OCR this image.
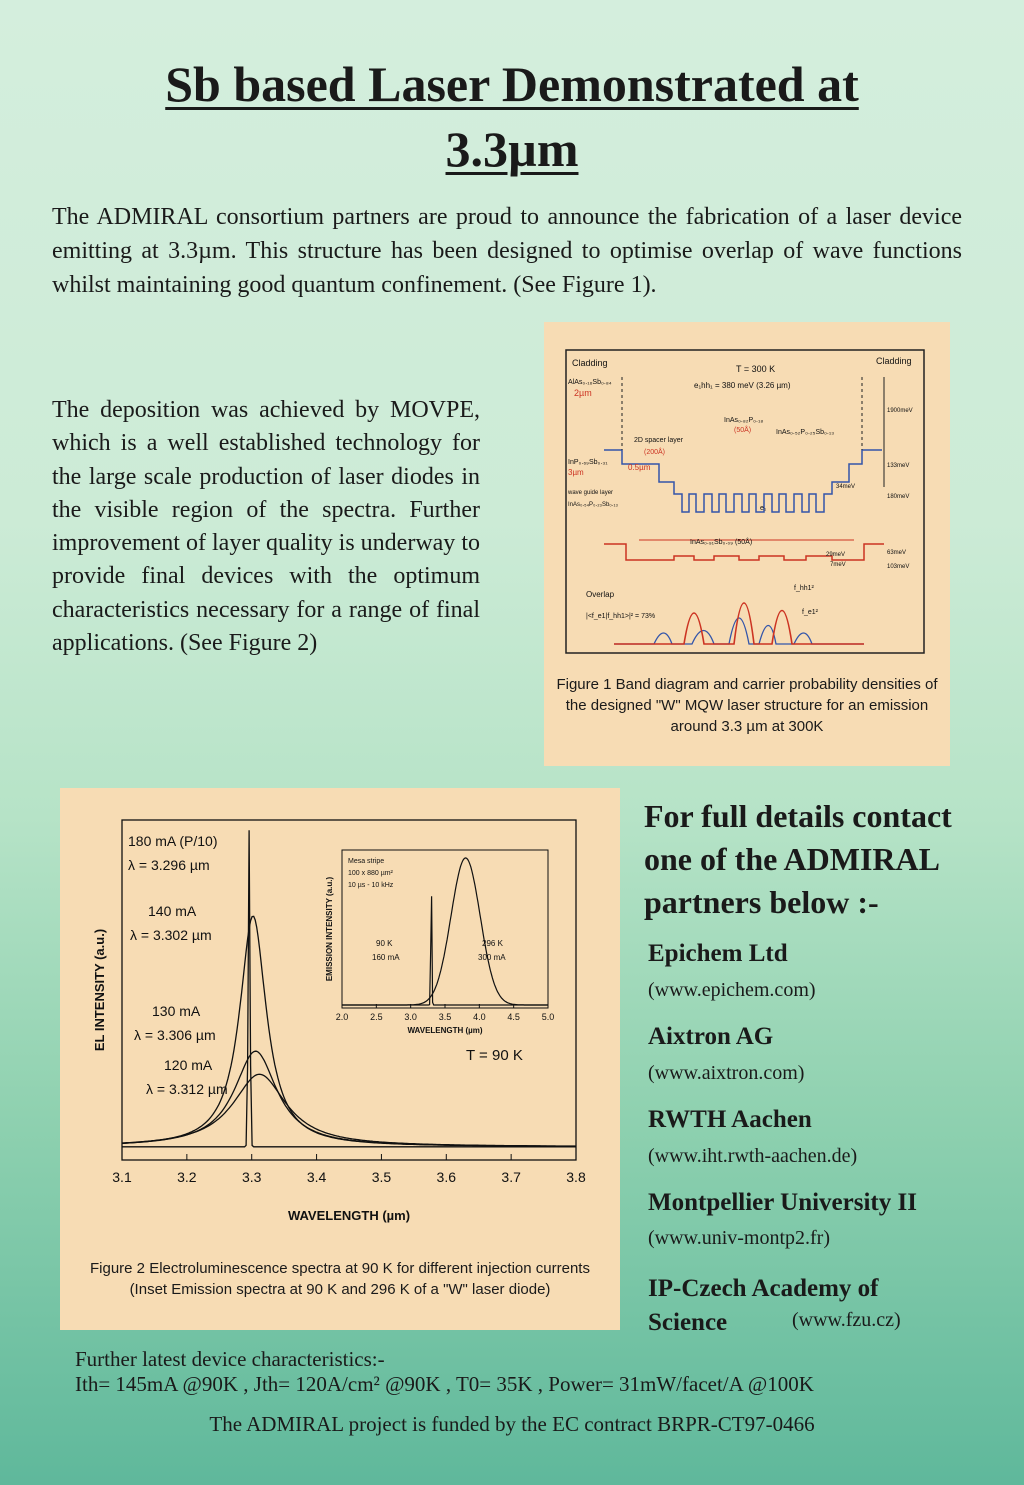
Sb based Laser Demonstrated at
3.3µm

The ADMIRAL consortium partners are proud to announce the fabrication of a laser device emitting at 3.3µm. This structure has been designed to optimise overlap of wave functions whilst maintaining good quantum confinement. (See Figure 1).

The deposition was achieved by MOVPE, which is a well established technology for the large scale production of laser diodes in the visible region of the spectra. Further improvement of layer quality is underway to provide final devices with the optimum characteristics necessary for a range of final applications. (See Figure 2)

Cladding	Cladding
T = 300 K
e₁hh₁ = 380 meV (3.26 µm)
AlAs₀.₁₆Sb₀.₈₄
2µm
InAs₀.₈₂P₀.₁₈
(50Å)
2D spacer layer
(200Å)
InAs₀.₅₂P₀.₂₅Sb₀.₁₃
InP₀.₆₉Sb₀.₃₁
3µm
0.5µm
wave guide layer
InAs₀.₅₄P₀.₂₃Sb₀.₁₃
InAs₀.₉₁Sb₀.₀₉ (50Å)
e₁
1900meV
133meV
180meV
34meV
29meV
7meV
63meV
103meV
Overlap
|<f_e1|f_hh1>|² = 73%
f_hh1²
f_e1²
Figure 1 Band diagram and carrier probability densities of the designed "W" MQW laser structure for an emission around 3.3 µm at 300K
3.1	3.2	3.3	3.4	3.5	3.6	3.7	3.8
WAVELENGTH (µm)
EL INTENSITY (a.u.)
T = 90 K
180 mA (P/10)
λ = 3.296 µm
140 mA
λ = 3.302 µm
130 mA
λ = 3.306 µm
120 mA
λ = 3.312 µm
2.0 2.5 3.0 3.5 4.0 4.5 5.0
WAVELENGTH (µm)
EMISSION INTENSITY (a.u.)
Mesa stripe
100 x 880 µm²
10 µs - 10 kHz
90 K
160 mA
296 K
300 mA
Figure 2 Electroluminescence spectra at 90 K for different injection currents
(Inset Emission spectra at 90 K and 296 K of a "W" laser diode)
For full details contact one of the ADMIRAL partners below :-
Epichem Ltd
(www.epichem.com)
Aixtron AG
(www.aixtron.com)
RWTH Aachen
(www.iht.rwth-aachen.de)
Montpellier University II
(www.univ-montp2.fr)
IP-Czech Academy of Science	(www.fzu.cz)
Further latest device characteristics:-
Ith= 145mA @90K , Jth= 120A/cm² @90K , T0= 35K , Power= 31mW/facet/A @100K
The ADMIRAL project is funded by the EC contract BRPR-CT97-0466
